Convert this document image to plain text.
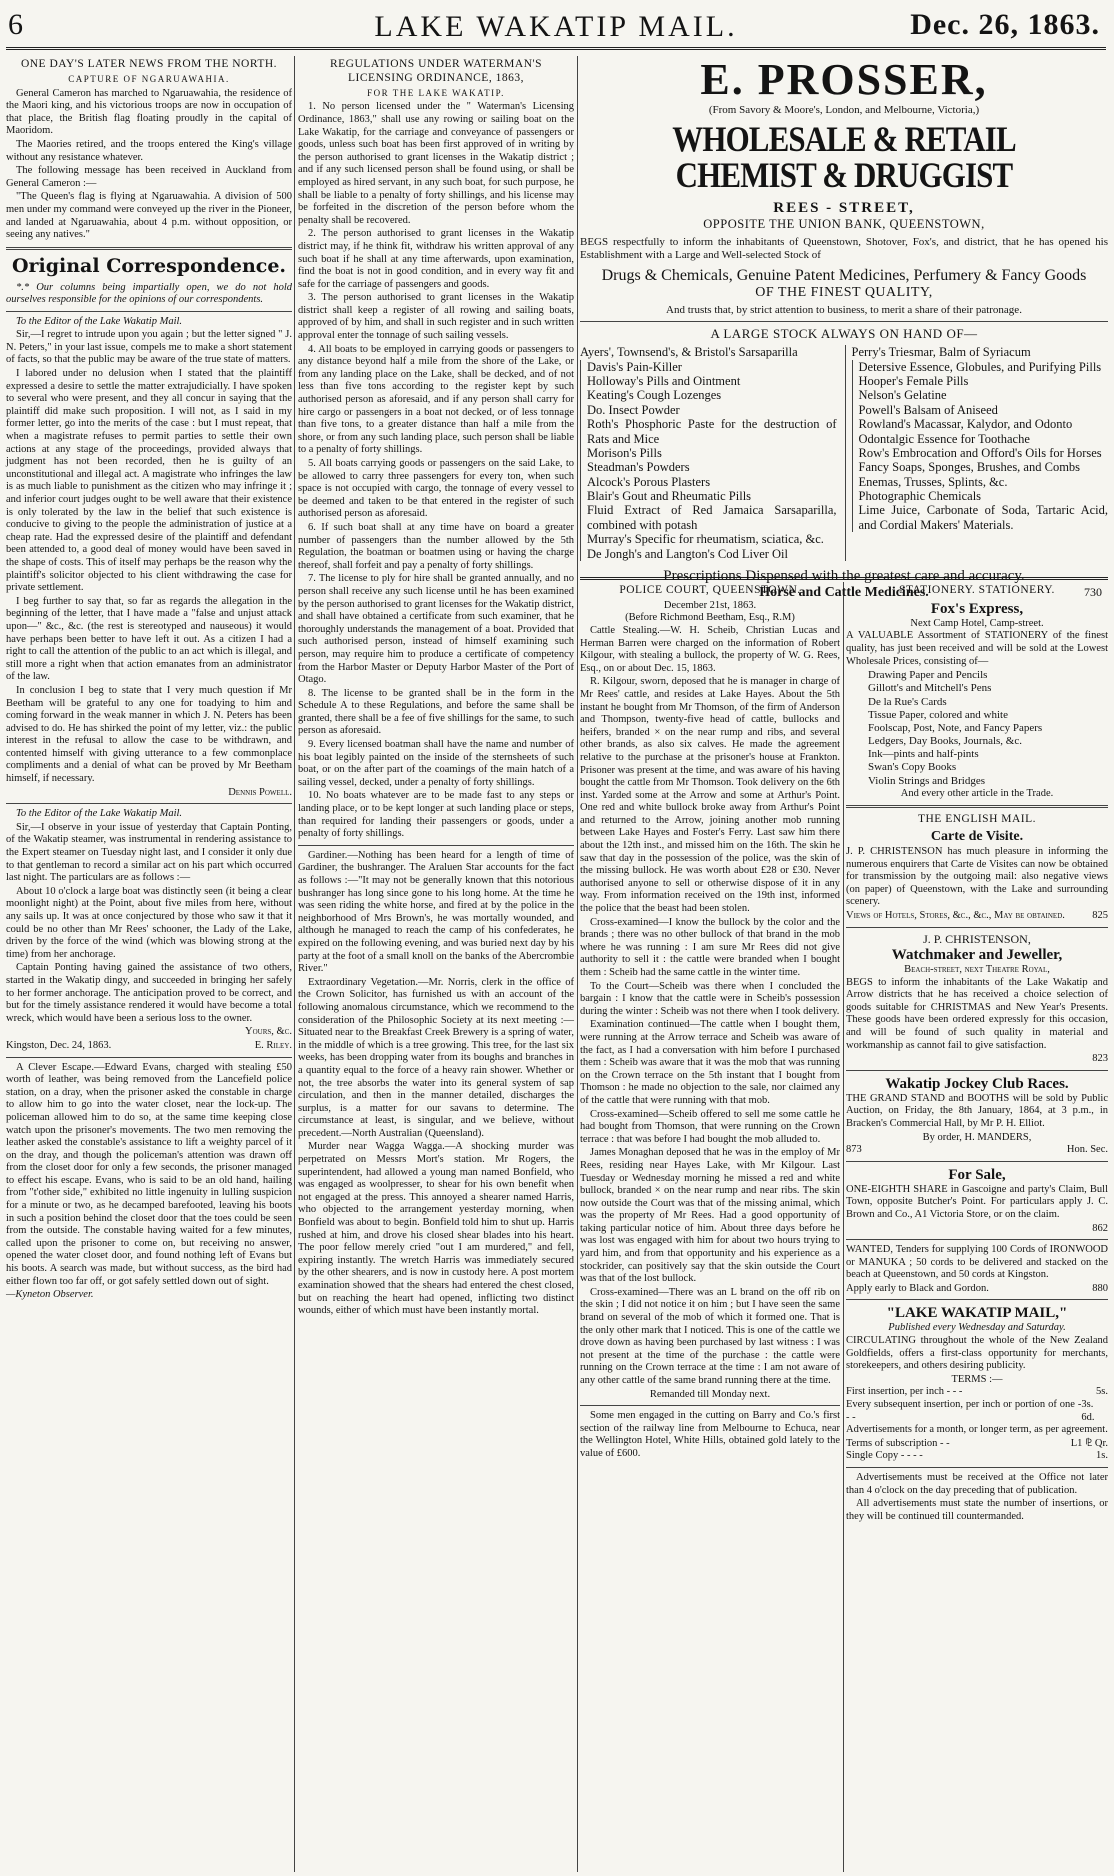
6	LAKE WAKATIP MAIL.	Dec. 26, 1863.
ONE DAY'S LATER NEWS FROM THE NORTH.
CAPTURE OF NGARUAWAHIA.

General Cameron has marched to Ngaruawahia, the residence of the Maori king, and his victorious troops are now in occupation of that place, the British flag floating proudly in the capital of Maoridom.

The Maories retired, and the troops entered the King's village without any resistance whatever.

The following message has been received in Auckland from General Cameron :—

"The Queen's flag is flying at Ngaruawahia. A division of 500 men under my command were conveyed up the river in the Pioneer, and landed at Ngaruawahia, about 4 p.m. without opposition, or seeing any natives."

Original Correspondence.

*.* Our columns being impartially open, we do not hold ourselves responsible for the opinions of our correspondents.

To the Editor of the Lake Wakatip Mail.

Sir,—I regret to intrude upon you again ; but the letter signed " J. N. Peters," in your last issue, compels me to make a short statement of facts, so that the public may be aware of the true state of matters.

I labored under no delusion when I stated that the plaintiff expressed a desire to settle the matter extrajudicially. I have spoken to several who were present, and they all concur in saying that the plaintiff did make such proposition. I will not, as I said in my former letter, go into the merits of the case : but I must repeat, that when a magistrate refuses to permit parties to settle their own actions at any stage of the proceedings, provided always that judgment has not been recorded, then he is guilty of an unconstitutional and illegal act. A magistrate who infringes the law is as much liable to punishment as the citizen who may infringe it ; and inferior court judges ought to be well aware that their existence is only tolerated by the law in the belief that such existence is conducive to giving to the people the administration of justice at a cheap rate. Had the expressed desire of the plaintiff and defendant been attended to, a good deal of money would have been saved in the shape of costs. This of itself may perhaps be the reason why the plaintiff's solicitor objected to his client withdrawing the case for private settlement.

I beg further to say that, so far as regards the allegation in the beginning of the letter, that I have made a "false and unjust attack upon—" &c., &c. (the rest is stereotyped and nauseous) it would have perhaps been better to have left it out. As a citizen I had a right to call the attention of the public to an act which is illegal, and still more a right when that action emanates from an administrator of the law.

In conclusion I beg to state that I very much question if Mr Beetham will be grateful to any one for toadying to him and coming forward in the weak manner in which J. N. Peters has been advised to do. He has shirked the point of my letter, viz.: the public interest in the refusal to allow the case to be withdrawn, and contented himself with giving utterance to a few commonplace compliments and a denial of what can be proved by Mr Beetham himself, if necessary.

Dennis Powell.

To the Editor of the Lake Wakatip Mail.

Sir,—I observe in your issue of yesterday that Captain Ponting, of the Wakatip steamer, was instrumental in rendering assistance to the Expert steamer on Tuesday night last, and I consider it only due to that gentleman to record a similar act on his part which occurred last night. The particulars are as follows :—

About 10 o'clock a large boat was distinctly seen (it being a clear moonlight night) at the Point, about five miles from here, without any sails up. It was at once conjectured by those who saw it that it could be no other than Mr Rees' schooner, the Lady of the Lake, driven by the force of the wind (which was blowing strong at the time) from her anchorage.

Captain Ponting having gained the assistance of two others, started in the Wakatip dingy, and succeeded in bringing her safely to her former anchorage. The anticipation proved to be correct, and but for the timely assistance rendered it would have become a total wreck, which would have been a serious loss to the owner.

Yours, &c.

Kingston, Dec. 24, 1863.	E. Riley.

A Clever Escape.—Edward Evans, charged with stealing £50 worth of leather, was being removed from the Lancefield police station, on a dray, when the prisoner asked the constable in charge to allow him to go into the water closet, near the lock-up. The policeman allowed him to do so, at the same time keeping close watch upon the prisoner's movements. The two men removing the leather asked the constable's assistance to lift a weighty parcel of it on the dray, and though the policeman's attention was drawn off from the closet door for only a few seconds, the prisoner managed to effect his escape. Evans, who is said to be an old hand, hailing from "t'other side," exhibited no little ingenuity in lulling suspicion for a minute or two, as he decamped barefooted, leaving his boots in such a position behind the closet door that the toes could be seen from the outside. The constable having waited for a few minutes, called upon the prisoner to come on, but receiving no answer, opened the water closet door, and found nothing left of Evans but his boots. A search was made, but without success, as the bird had either flown too far off, or got safely settled down out of sight.

—Kyneton Observer.

REGULATIONS UNDER WATERMAN'S LICENSING ORDINANCE, 1863,
FOR THE LAKE WAKATIP.

1. No person licensed under the " Waterman's Licensing Ordinance, 1863," shall use any rowing or sailing boat on the Lake Wakatip, for the carriage and conveyance of passengers or goods, unless such boat has been first approved of in writing by the person authorised to grant licenses in the Wakatip district ; and if any such licensed person shall be found using, or shall be employed as hired servant, in any such boat, for such purpose, he shall be liable to a penalty of forty shillings, and his license may be forfeited in the discretion of the person before whom the penalty shall be recovered.

2. The person authorised to grant licenses in the Wakatip district may, if he think fit, withdraw his written approval of any such boat if he shall at any time afterwards, upon examination, find the boat is not in good condition, and in every way fit and safe for the carriage of passengers and goods.

3. The person authorised to grant licenses in the Wakatip district shall keep a register of all rowing and sailing boats, approved of by him, and shall in such register and in such written approval enter the tonnage of such sailing vessels.

4. All boats to be employed in carrying goods or passengers to any distance beyond half a mile from the shore of the Lake, or from any landing place on the Lake, shall be decked, and of not less than five tons according to the register kept by such authorised person as aforesaid, and if any person shall carry for hire cargo or passengers in a boat not decked, or of less tonnage than five tons, to a greater distance than half a mile from the shore, or from any such landing place, such person shall be liable to a penalty of forty shillings.

5. All boats carrying goods or passengers on the said Lake, to be allowed to carry three passengers for every ton, when such space is not occupied with cargo, the tonnage of every vessel to be deemed and taken to be that entered in the register of such authorised person as aforesaid.

6. If such boat shall at any time have on board a greater number of passengers than the number allowed by the 5th Regulation, the boatman or boatmen using or having the charge thereof, shall forfeit and pay a penalty of forty shillings.

7. The license to ply for hire shall be granted annually, and no person shall receive any such license until he has been examined by the person authorised to grant licenses for the Wakatip district, and shall have obtained a certificate from such examiner, that he thoroughly understands the management of a boat. Provided that such authorised person, instead of himself examining such person, may require him to produce a certificate of competency from the Harbor Master or Deputy Harbor Master of the Port of Otago.

8. The license to be granted shall be in the form in the Schedule A to these Regulations, and before the same shall be granted, there shall be a fee of five shillings for the same, to such person as aforesaid.

9. Every licensed boatman shall have the name and number of his boat legibly painted on the inside of the sternsheets of such boat, or on the after part of the coamings of the main hatch of a sailing vessel, decked, under a penalty of forty shillings.

10. No boats whatever are to be made fast to any steps or landing place, or to be kept longer at such landing place or steps, than required for landing their passengers or goods, under a penalty of forty shillings.

Gardiner.—Nothing has been heard for a length of time of Gardiner, the bushranger. The Araluen Star accounts for the fact as follows :—"It may not be generally known that this notorious bushranger has long since gone to his long home. At the time he was seen riding the white horse, and fired at by the police in the neighborhood of Mrs Brown's, he was mortally wounded, and although he managed to reach the camp of his confederates, he expired on the following evening, and was buried next day by his party at the foot of a small knoll on the banks of the Abercrombie River."

Extraordinary Vegetation.—Mr. Norris, clerk in the office of the Crown Solicitor, has furnished us with an account of the following anomalous circumstance, which we recommend to the consideration of the Philosophic Society at its next meeting :—Situated near to the Breakfast Creek Brewery is a spring of water, in the middle of which is a tree growing. This tree, for the last six weeks, has been dropping water from its boughs and branches in a quantity equal to the force of a heavy rain shower. Whether or not, the tree absorbs the water into its general system of sap circulation, and then in the manner detailed, discharges the surplus, is a matter for our savans to determine. The circumstance at least, is singular, and we believe, without precedent.—North Australian (Queensland).

Murder near Wagga Wagga.—A shocking murder was perpetrated on Messrs Mort's station. Mr Rogers, the superintendent, had allowed a young man named Bonfield, who was engaged as woolpresser, to shear for his own benefit when not engaged at the press. This annoyed a shearer named Harris, who objected to the arrangement yesterday morning, when Bonfield was about to begin. Bonfield told him to shut up. Harris rushed at him, and drove his closed shear blades into his heart. The poor fellow merely cried "out I am murdered," and fell, expiring instantly. The wretch Harris was immediately secured by the other shearers, and is now in custody here. A post mortem examination showed that the shears had entered the chest closed, but on reaching the heart had opened, inflicting two distinct wounds, either of which must have been instantly mortal.

E. PROSSER,
(From Savory & Moore's, London, and Melbourne, Victoria,)
WHOLESALE & RETAIL CHEMIST & DRUGGIST
REES - STREET,
OPPOSITE THE UNION BANK, QUEENSTOWN,

BEGS respectfully to inform the inhabitants of Queenstown, Shotover, Fox's, and district, that he has opened his Establishment with a Large and Well-selected Stock of

Drugs & Chemicals, Genuine Patent Medicines, Perfumery & Fancy Goods
OF THE FINEST QUALITY,
And trusts that, by strict attention to business, to merit a share of their patronage.
A LARGE STOCK ALWAYS ON HAND OF—
Ayers', Townsend's, & Bristol's Sarsaparilla
Davis's Pain-Killer
Holloway's Pills and Ointment
Keating's Cough Lozenges
Do. Insect Powder
Roth's Phosphoric Paste for the destruction of Rats and Mice
Morison's Pills
Steadman's Powders
Alcock's Porous Plasters
Blair's Gout and Rheumatic Pills
Fluid Extract of Red Jamaica Sarsaparilla, combined with potash
Murray's Specific for rheumatism, sciatica, &c.
De Jongh's and Langton's Cod Liver Oil
Perry's Triesmar, Balm of Syriacum
Detersive Essence, Globules, and Purifying Pills
Hooper's Female Pills
Nelson's Gelatine
Powell's Balsam of Aniseed
Rowland's Macassar, Kalydor, and Odonto
Odontalgic Essence for Toothache
Row's Embrocation and Offord's Oils for Horses
Fancy Soaps, Sponges, Brushes, and Combs
Enemas, Trusses, Splints, &c.
Photographic Chemicals
Lime Juice, Carbonate of Soda, Tartaric Acid, and Cordial Makers' Materials.
Prescriptions Dispensed with the greatest care and accuracy.
Horse and Cattle Medicines.	730
POLICE COURT, QUEENSTOWN.
December 21st, 1863.
(Before Richmond Beetham, Esq., R.M)

Cattle Stealing.—W. H. Scheib, Christian Lucas and Herman Barren were charged on the information of Robert Kilgour, with stealing a bullock, the property of W. G. Rees, Esq., on or about Dec. 15, 1863.

R. Kilgour, sworn, deposed that he is manager in charge of Mr Rees' cattle, and resides at Lake Hayes. About the 5th instant he bought from Mr Thomson, of the firm of Anderson and Thompson, twenty-five head of cattle, bullocks and heifers, branded × on the near rump and ribs, and several other brands, as also six calves. He made the agreement relative to the purchase at the prisoner's house at Frankton. Prisoner was present at the time, and was aware of his having bought the cattle from Mr Thomson. Took delivery on the 6th inst. Yarded some at the Arrow and some at Arthur's Point. One red and white bullock broke away from Arthur's Point and returned to the Arrow, joining another mob running between Lake Hayes and Foster's Ferry. Last saw him there about the 12th inst., and missed him on the 16th. The skin he saw that day in the possession of the police, was the skin of the missing bullock. He was worth about £28 or £30. Never authorised anyone to sell or otherwise dispose of it in any way. From information received on the 19th inst, informed the police that the beast had been stolen.

Cross-examined—I know the bullock by the color and the brands ; there was no other bullock of that brand in the mob where he was running : I am sure Mr Rees did not give authority to sell it : the cattle were branded when I bought them : Scheib had the same cattle in the winter time.

To the Court—Scheib was there when I concluded the bargain : I know that the cattle were in Scheib's possession during the winter : Scheib was not there when I took delivery.

Examination continued—The cattle when I bought them, were running at the Arrow terrace and Scheib was aware of the fact, as I had a conversation with him before I purchased them : Scheib was aware that it was the mob that was running on the Crown terrace on the 5th instant that I bought from Thomson : he made no objection to the sale, nor claimed any of the cattle that were running with that mob.

Cross-examined—Scheib offered to sell me some cattle he had bought from Thomson, that were running on the Crown terrace : that was before I had bought the mob alluded to.

James Monaghan deposed that he was in the employ of Mr Rees, residing near Hayes Lake, with Mr Kilgour. Last Tuesday or Wednesday morning he missed a red and white bullock, branded × on the near rump and near ribs. The skin now outside the Court was that of the missing animal, which was the property of Mr Rees. Had a good opportunity of taking particular notice of him. About three days before he was lost was engaged with him for about two hours trying to yard him, and from that opportunity and his experience as a stockrider, can positively say that the skin outside the Court was that of the lost bullock.

Cross-examined—There was an L brand on the off rib on the skin ; I did not notice it on him ; but I have seen the same brand on several of the mob of which it formed one. That is the only other mark that I noticed. This is one of the cattle we drove down as having been purchased by last witness : I was not present at the time of the purchase : the cattle were running on the Crown terrace at the time : I am not aware of any other cattle of the same brand running there at the time.

Remanded till Monday next.

Some men engaged in the cutting on Barry and Co.'s first section of the railway line from Melbourne to Echuca, near the Wellington Hotel, White Hills, obtained gold lately to the value of £600.

STATIONERY. STATIONERY.
Fox's Express,
Next Camp Hotel, Camp-street.

A VALUABLE Assortment of STATIONERY of the finest quality, has just been received and will be sold at the Lowest Wholesale Prices, consisting of—

Drawing Paper and Pencils
Gillott's and Mitchell's Pens
De la Rue's Cards
Tissue Paper, colored and white
Foolscap, Post, Note, and Fancy Papers
Ledgers, Day Books, Journals, &c.
Ink—pints and half-pints
Swan's Copy Books
Violin Strings and Bridges
And every other article in the Trade.
THE ENGLISH MAIL.
Carte de Visite.

J. P. CHRISTENSON has much pleasure in informing the numerous enquirers that Carte de Visites can now be obtained for transmission by the outgoing mail: also negative views (on paper) of Queenstown, with the Lake and surrounding scenery.

Views of Hotels, Stores, &c., &c., May be obtained.	825
J. P. CHRISTENSON,
Watchmaker and Jeweller,
Beach-street, next Theatre Royal,

BEGS to inform the inhabitants of the Lake Wakatip and Arrow districts that he has received a choice selection of goods suitable for CHRISTMAS and New Year's Presents. These goods have been ordered expressly for this occasion, and will be found of such quality in material and workmanship as cannot fail to give satisfaction.

823
Wakatip Jockey Club Races.

THE GRAND STAND and BOOTHS will be sold by Public Auction, on Friday, the 8th January, 1864, at 3 p.m., in Bracken's Commercial Hall, by Mr P. H. Elliot.

By order, H. MANDERS,
873	Hon. Sec.
For Sale,

ONE-EIGHTH SHARE in Gascoigne and party's Claim, Bull Town, opposite Butcher's Point. For particulars apply J. C. Brown and Co., A1 Victoria Store, or on the claim.

862

WANTED, Tenders for supplying 100 Cords of IRONWOOD or MANUKA ; 50 cords to be delivered and stacked on the beach at Queenstown, and 50 cords at Kingston.

Apply early to Black and Gordon.	880
"LAKE WAKATIP MAIL,"
Published every Wednesday and Saturday.

CIRCULATING throughout the whole of the New Zealand Goldfields, offers a first-class opportunity for merchants, storekeepers, and others desiring publicity.

TERMS :—
First insertion, per inch - - -	5s.
Every subsequent insertion, per inch or portion of one - - -
3s. 6d.

Advertisements for a month, or longer term, as per agreement.

Terms of subscription - -	L1 ⅊ Qr.
Single Copy - - - -	1s.

Advertisements must be received at the Office not later than 4 o'clock on the day preceding that of publication.

All advertisements must state the number of insertions, or they will be continued till countermanded.
